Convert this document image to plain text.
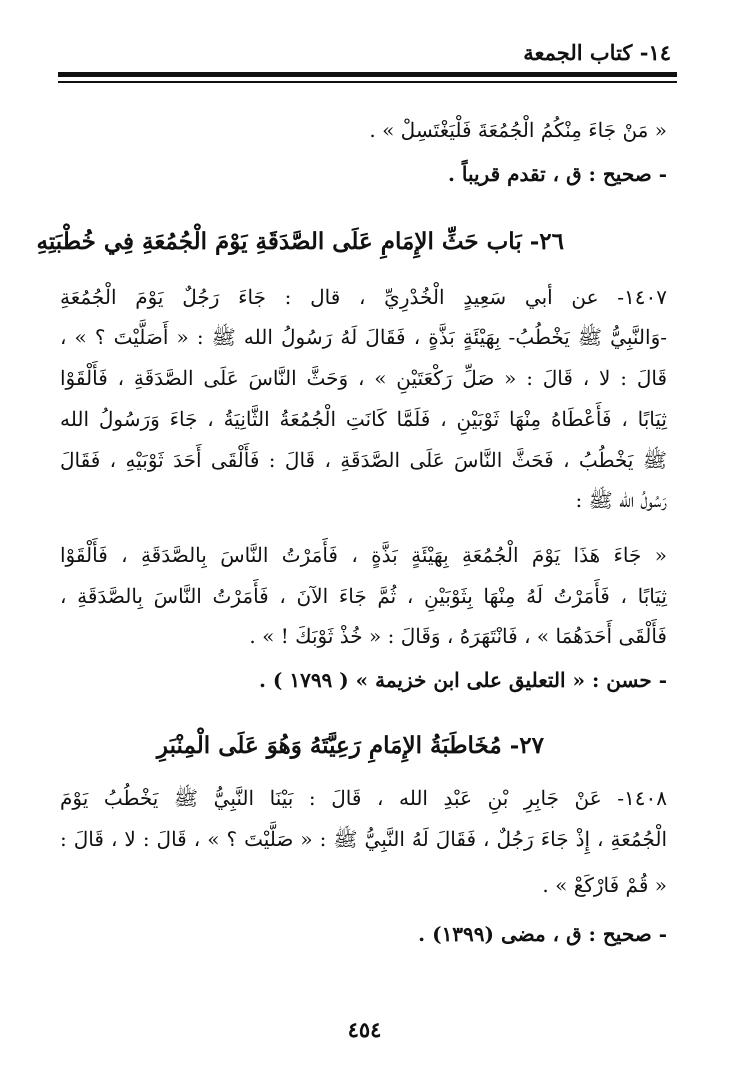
١٤- كتاب الجمعة
« مَنْ جَاءَ مِنْكُمُ الْجُمُعَةَ فَلْيَغْتَسِلْ » .
- صحيح : ق ، تقدم قريباً .
٢٦- بَاب حَثِّ الإِمَامِ عَلَى الصَّدَقَةِ يَوْمَ الْجُمُعَةِ فِي خُطْبَتِهِ
١٤٠٧- عن أبي سَعِيدٍ الْخُدْرِيِّ ، قال : جَاءَ رَجُلٌ يَوْمَ الْجُمُعَةِ
-وَالنَّبِيُّ ﷺ يَخْطُبُ- بِهَيْئَةٍ بَذَّةٍ ، فَقَالَ لَهُ رَسُولُ الله ﷺ : « أَصَلَّيْتَ ؟ » ،
قَالَ : لا ، قَالَ : « صَلِّ رَكْعَتَيْنِ » ، وَحَثَّ النَّاسَ عَلَى الصَّدَقَةِ ، فَأَلْقَوْا
ثِيَابًا ، فَأَعْطَاهُ مِنْهَا ثَوْبَيْنِ ، فَلَمَّا كَانَتِ الْجُمُعَةُ الثَّانِيَةُ ، جَاءَ وَرَسُولُ الله
ﷺ يَخْطُبُ ، فَحَثَّ النَّاسَ عَلَى الصَّدَقَةِ ، قَالَ : فَأَلْقَى أَحَدَ ثَوْبَيْهِ ، فَقَالَ
رَسُولُ الله ﷺ :
« جَاءَ هَذَا يَوْمَ الْجُمُعَةِ بِهَيْئَةٍ بَذَّةٍ ، فَأَمَرْتُ النَّاسَ بِالصَّدَقَةِ ، فَأَلْقَوْا
ثِيَابًا ، فَأَمَرْتُ لَهُ مِنْهَا بِثَوْبَيْنِ ، ثُمَّ جَاءَ الآنَ ، فَأَمَرْتُ النَّاسَ بِالصَّدَقَةِ ،
فَأَلْقَى أَحَدَهُمَا » ، فَانْتَهَرَهُ ، وَقَالَ : « خُذْ ثَوْبَكَ ! » .
- حسن : « التعليق على ابن خزيمة » ( ١٧٩٩ ) .
٢٧- مُخَاطَبَةُ الإِمَامِ رَعِيَّتَهُ وَهُوَ عَلَى الْمِنْبَرِ
١٤٠٨- عَنْ جَابِرِ بْنِ عَبْدِ الله ، قَالَ : بَيْنَا النَّبِيُّ ﷺ يَخْطُبُ يَوْمَ
الْجُمُعَةِ ، إِذْ جَاءَ رَجُلٌ ، فَقَالَ لَهُ النَّبِيُّ ﷺ : « صَلَّيْتَ ؟ » ، قَالَ : لا ، قَالَ :
« قُمْ فَارْكَعْ » .
- صحيح : ق ، مضى (١٣٩٩) .
٤٥٤
